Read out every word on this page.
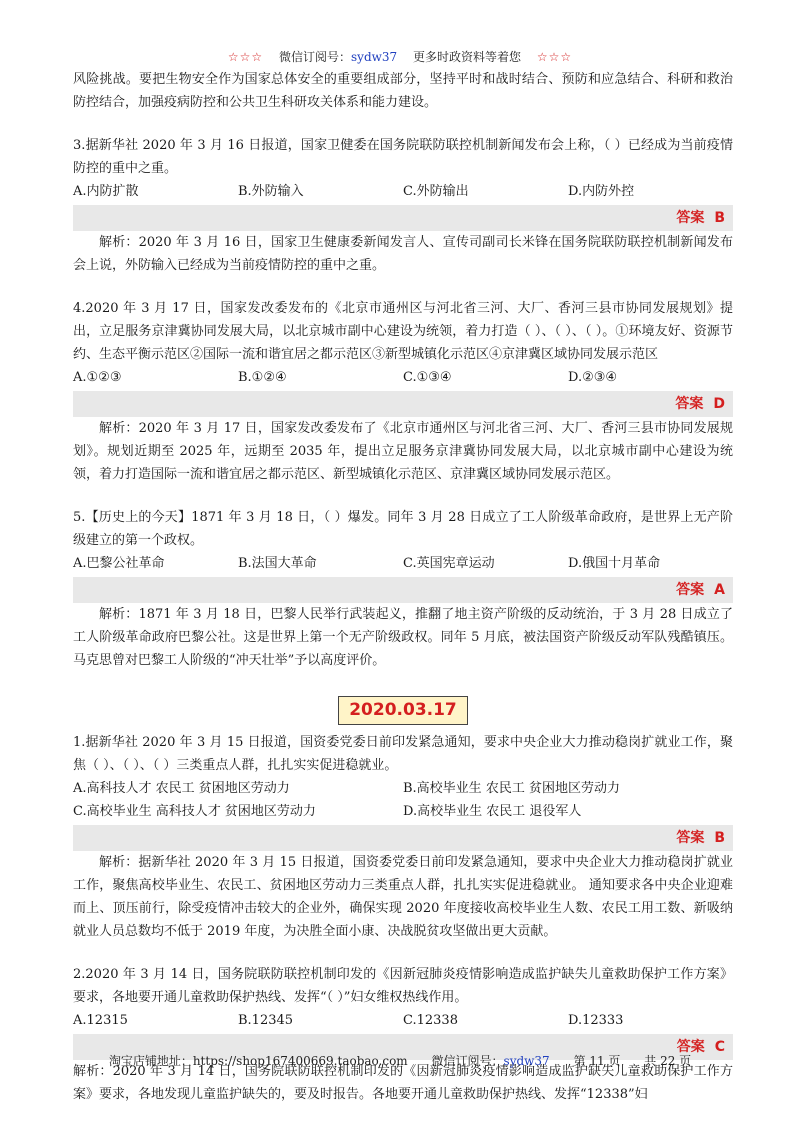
☆☆☆ 微信订阅号：sydw37 更多时政资料等着您 ☆☆☆

风险挑战。要把生物安全作为国家总体安全的重要组成部分，坚持平时和战时结合、预防和应急结合、科研和救治防控结合，加强疫病防控和公共卫生科研攻关体系和能力建设。

3.据新华社 2020 年 3 月 16 日报道，国家卫健委在国务院联防联控机制新闻发布会上称，（ ）已经成为当前疫情防控的重中之重。

A.内防扩散	B.外防输入	C.外防输出	D.内防外控
答案 B

解析：2020 年 3 月 16 日，国家卫生健康委新闻发言人、宣传司副司长米锋在国务院联防联控机制新闻发布会上说，外防输入已经成为当前疫情防控的重中之重。

4.2020 年 3 月 17 日，国家发改委发布的《北京市通州区与河北省三河、大厂、香河三县市协同发展规划》提出，立足服务京津冀协同发展大局，以北京城市副中心建设为统领，着力打造（ ）、（ ）、（ ）。①环境友好、资源节约、生态平衡示范区②国际一流和谐宜居之都示范区③新型城镇化示范区④京津冀区域协同发展示范区

A.①②③	B.①②④	C.①③④	D.②③④
答案 D

解析：2020 年 3 月 17 日，国家发改委发布了《北京市通州区与河北省三河、大厂、香河三县市协同发展规划》。规划近期至 2025 年，远期至 2035 年，提出立足服务京津冀协同发展大局，以北京城市副中心建设为统领，着力打造国际一流和谐宜居之都示范区、新型城镇化示范区、京津冀区域协同发展示范区。

5.【历史上的今天】1871 年 3 月 18 日，（ ）爆发。同年 3 月 28 日成立了工人阶级革命政府，是世界上无产阶级建立的第一个政权。

A.巴黎公社革命	B.法国大革命	C.英国宪章运动	D.俄国十月革命
答案 A

解析：1871 年 3 月 18 日，巴黎人民举行武装起义，推翻了地主资产阶级的反动统治，于 3 月 28 日成立了工人阶级革命政府巴黎公社。这是世界上第一个无产阶级政权。同年 5 月底，被法国资产阶级反动军队残酷镇压。马克思曾对巴黎工人阶级的“冲天壮举”予以高度评价。

2020.03.17

1.据新华社 2020 年 3 月 15 日报道，国资委党委日前印发紧急通知，要求中央企业大力推动稳岗扩就业工作，聚焦（ ）、（ ）、（ ）三类重点人群，扎扎实实促进稳就业。

A.高科技人才 农民工 贫困地区劳动力	B.高校毕业生 农民工 贫困地区劳动力
C.高校毕业生 高科技人才 贫困地区劳动力	D.高校毕业生 农民工 退役军人
答案 B

解析：据新华社 2020 年 3 月 15 日报道，国资委党委日前印发紧急通知，要求中央企业大力推动稳岗扩就业工作，聚焦高校毕业生、农民工、贫困地区劳动力三类重点人群，扎扎实实促进稳就业。 通知要求各中央企业迎难而上、顶压前行，除受疫情冲击较大的企业外，确保实现 2020 年度接收高校毕业生人数、农民工用工数、新吸纳就业人员总数均不低于 2019 年度，为决胜全面小康、决战脱贫攻坚做出更大贡献。

2.2020 年 3 月 14 日，国务院联防联控机制印发的《因新冠肺炎疫情影响造成监护缺失儿童救助保护工作方案》要求，各地要开通儿童救助保护热线、发挥“（ ）”妇女维权热线作用。

A.12315	B.12345	C.12338	D.12333
答案 C

解析：2020 年 3 月 14 日，国务院联防联控机制印发的《因新冠肺炎疫情影响造成监护缺失儿童救助保护工作方案》要求，各地发现儿童监护缺失的，要及时报告。各地要开通儿童救助保护热线、发挥“12338”妇

淘宝店铺地址：https://shop167400669.taobao.com 微信订阅号：sydw37 第 11 页 共 22 页
